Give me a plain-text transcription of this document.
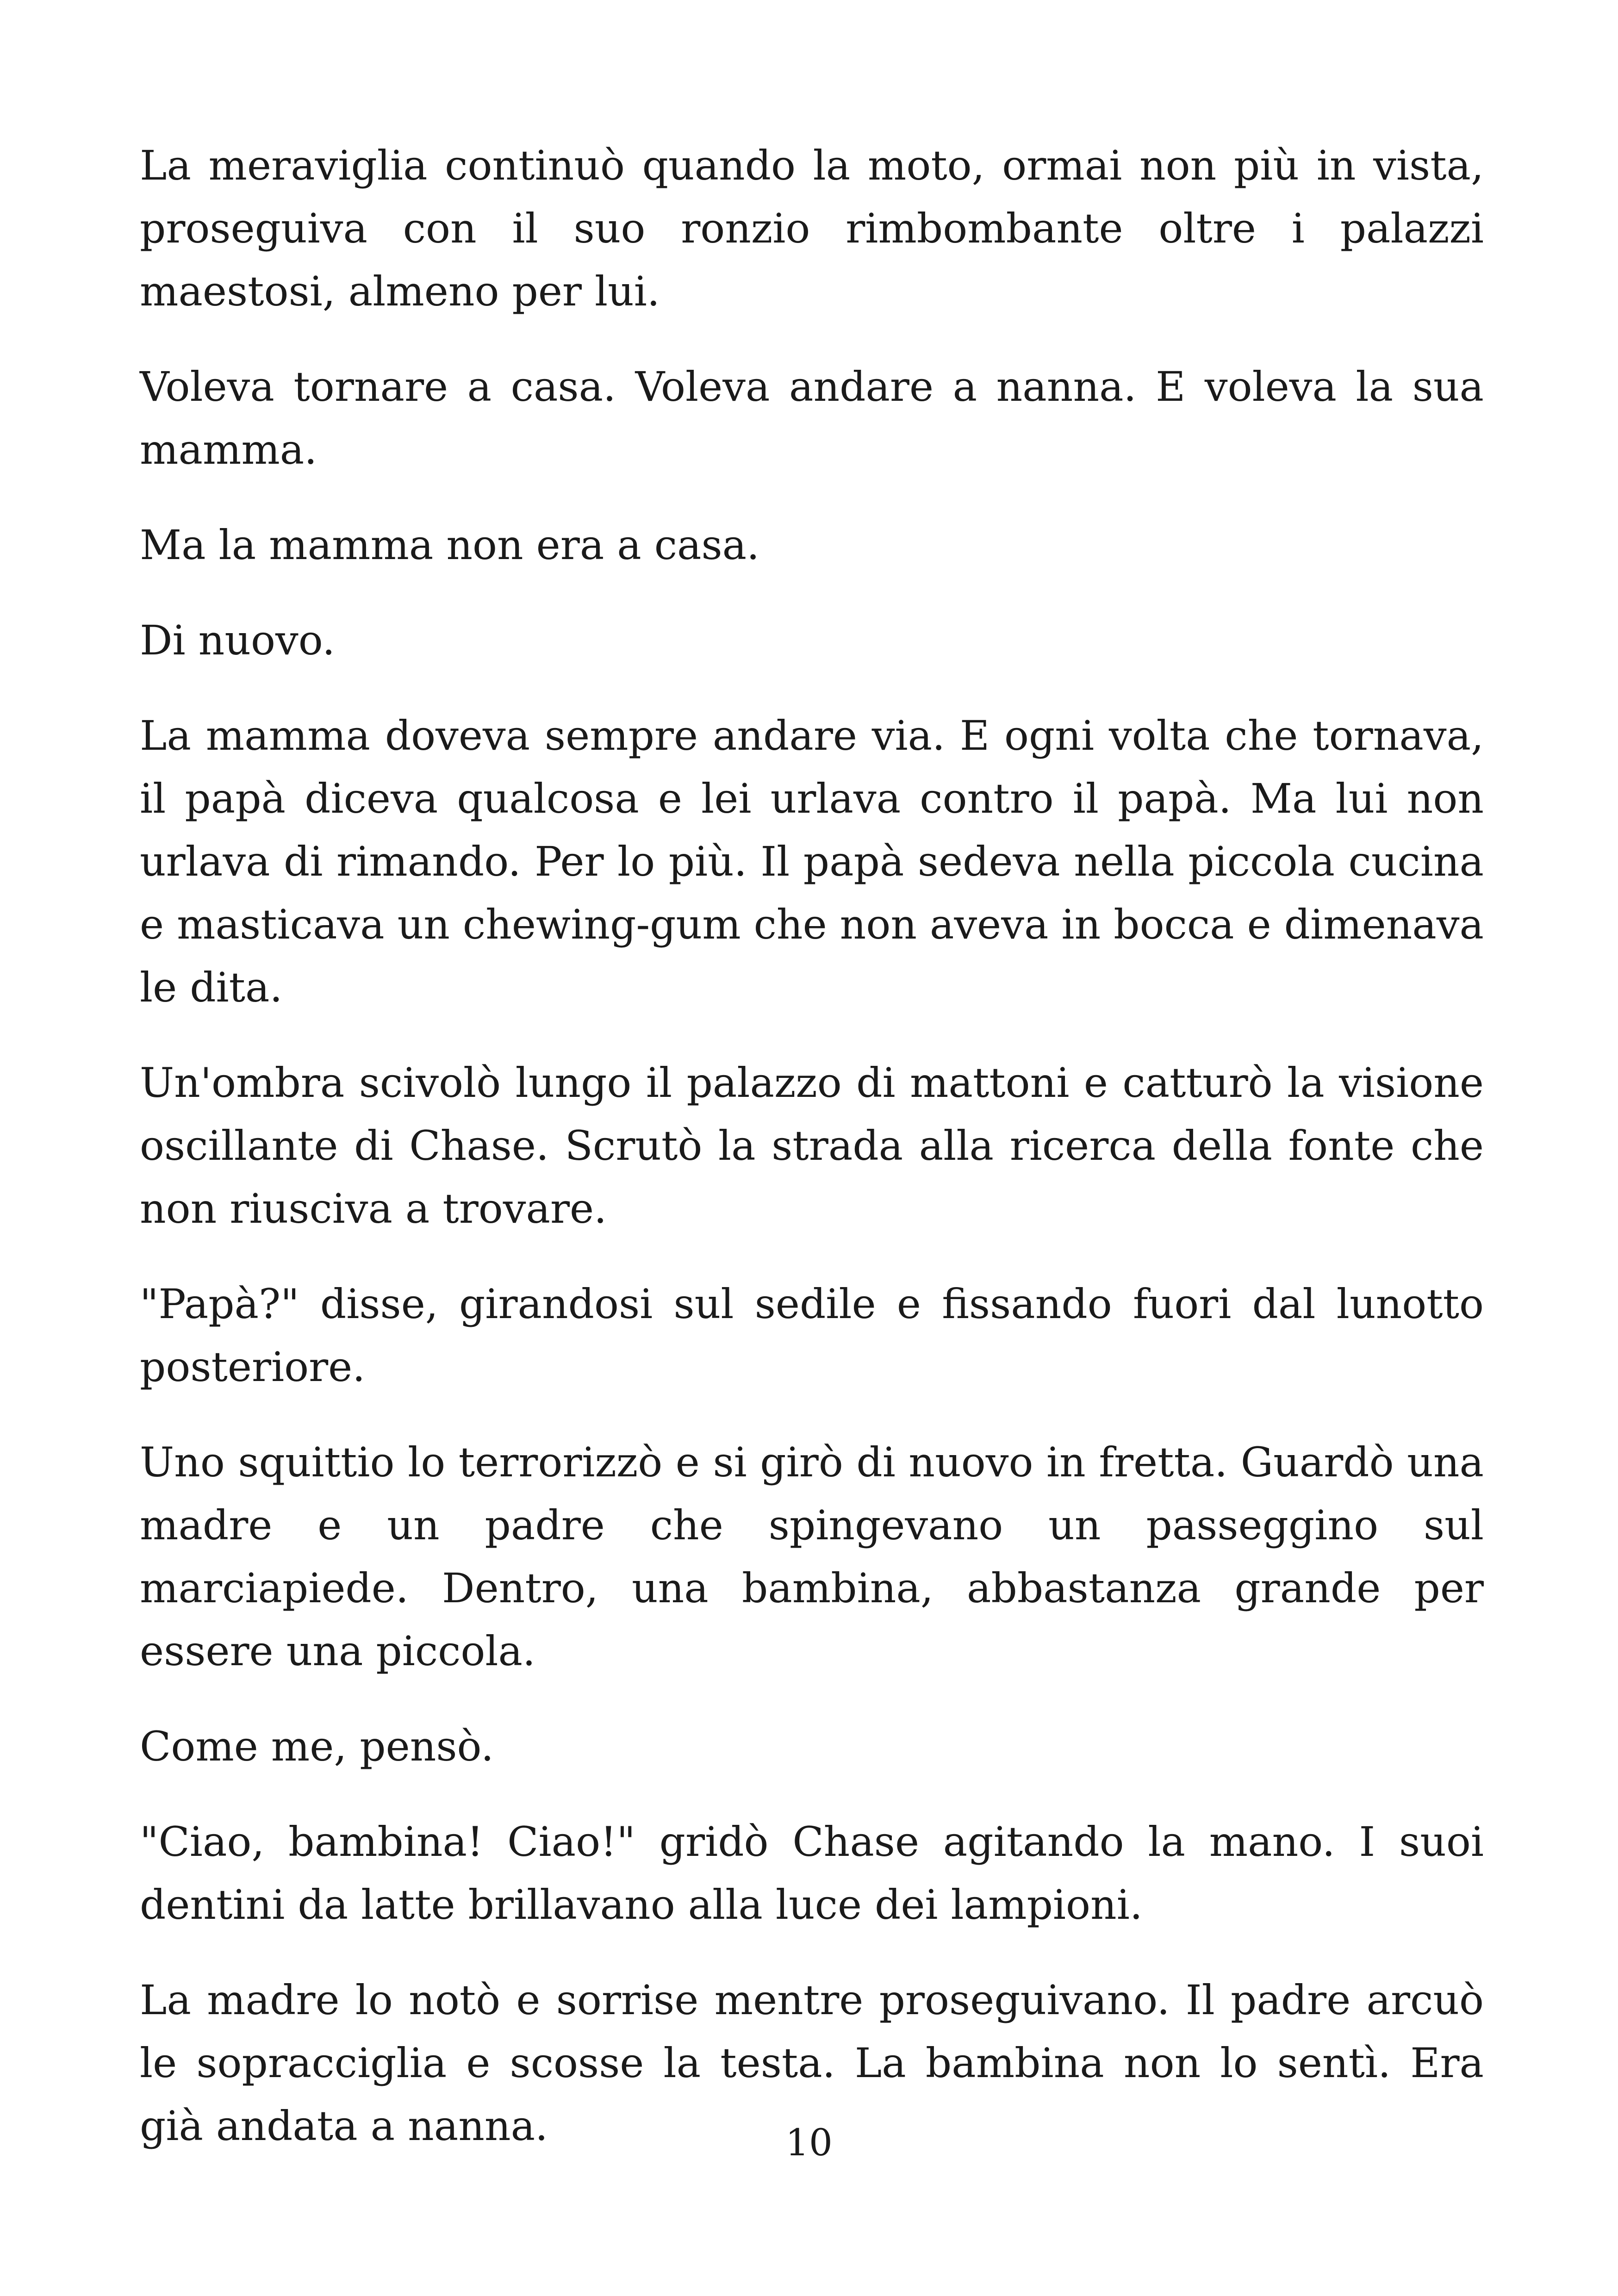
La meraviglia continuò quando la moto, ormai non più in vista, proseguiva con il suo ronzio rimbombante oltre i palazzi maestosi, almeno per lui.

Voleva tornare a casa. Voleva andare a nanna. E voleva la sua mamma.

Ma la mamma non era a casa.

Di nuovo.

La mamma doveva sempre andare via. E ogni volta che tornava, il papà diceva qualcosa e lei urlava contro il papà. Ma lui non urlava di rimando. Per lo più. Il papà sedeva nella piccola cucina e masticava un chewing-gum che non aveva in bocca e dimenava le dita.

Un'ombra scivolò lungo il palazzo di mattoni e catturò la visione oscillante di Chase. Scrutò la strada alla ricerca della fonte che non riusciva a trovare.

"Papà?" disse, girandosi sul sedile e fissando fuori dal lunotto posteriore.

Uno squittio lo terrorizzò e si girò di nuovo in fretta. Guardò una madre e un padre che spingevano un passeggino sul marciapiede. Dentro, una bambina, abbastanza grande per essere una piccola.

Come me, pensò.

"Ciao, bambina! Ciao!" gridò Chase agitando la mano. I suoi dentini da latte brillavano alla luce dei lampioni.

La madre lo notò e sorrise mentre proseguivano. Il padre arcuò le sopracciglia e scosse la testa. La bambina non lo sentì. Era già andata a nanna.	10
